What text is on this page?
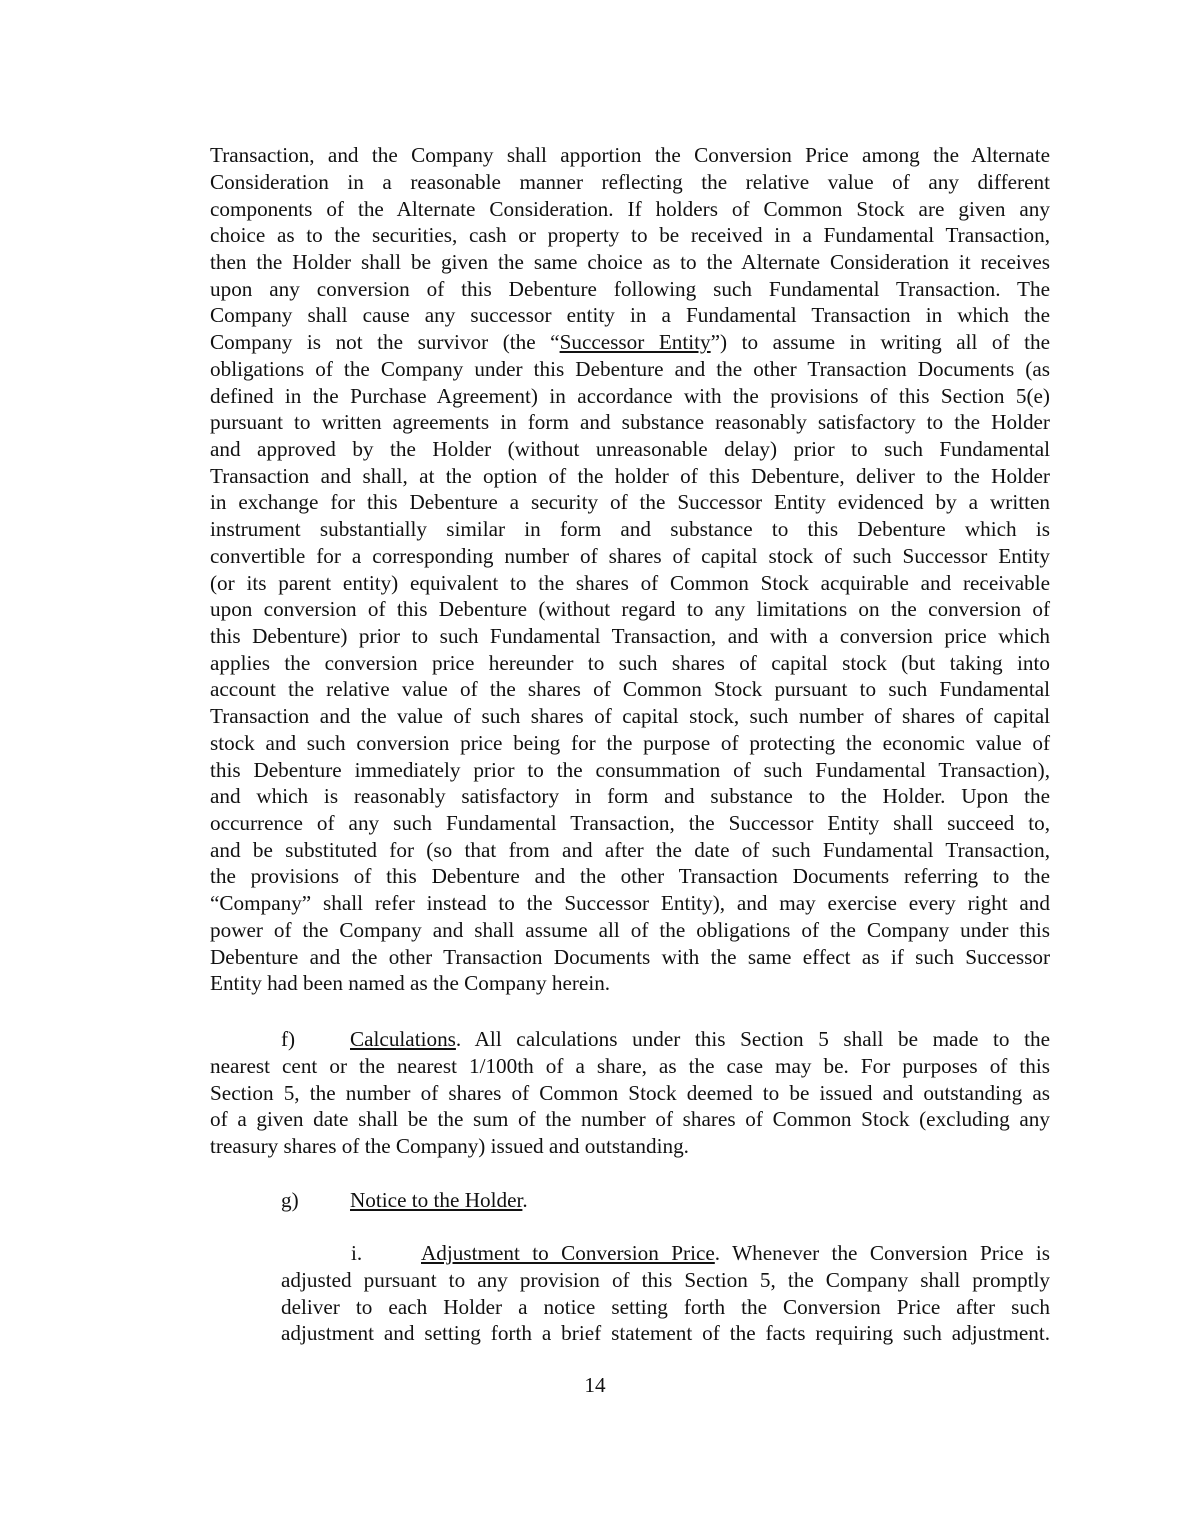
Transaction, and the Company shall apportion the Conversion Price among the Alternate
Consideration in a reasonable manner reflecting the relative value of any different
components of the Alternate Consideration. If holders of Common Stock are given any
choice as to the securities, cash or property to be received in a Fundamental Transaction,
then the Holder shall be given the same choice as to the Alternate Consideration it receives
upon any conversion of this Debenture following such Fundamental Transaction. The
Company shall cause any successor entity in a Fundamental Transaction in which the
Company is not the survivor (the “Successor Entity”) to assume in writing all of the
obligations of the Company under this Debenture and the other Transaction Documents (as
defined in the Purchase Agreement) in accordance with the provisions of this Section 5(e)
pursuant to written agreements in form and substance reasonably satisfactory to the Holder
and approved by the Holder (without unreasonable delay) prior to such Fundamental
Transaction and shall, at the option of the holder of this Debenture, deliver to the Holder
in exchange for this Debenture a security of the Successor Entity evidenced by a written
instrument substantially similar in form and substance to this Debenture which is
convertible for a corresponding number of shares of capital stock of such Successor Entity
(or its parent entity) equivalent to the shares of Common Stock acquirable and receivable
upon conversion of this Debenture (without regard to any limitations on the conversion of
this Debenture) prior to such Fundamental Transaction, and with a conversion price which
applies the conversion price hereunder to such shares of capital stock (but taking into
account the relative value of the shares of Common Stock pursuant to such Fundamental
Transaction and the value of such shares of capital stock, such number of shares of capital
stock and such conversion price being for the purpose of protecting the economic value of
this Debenture immediately prior to the consummation of such Fundamental Transaction),
and which is reasonably satisfactory in form and substance to the Holder. Upon the
occurrence of any such Fundamental Transaction, the Successor Entity shall succeed to,
and be substituted for (so that from and after the date of such Fundamental Transaction,
the provisions of this Debenture and the other Transaction Documents referring to the
“Company” shall refer instead to the Successor Entity), and may exercise every right and
power of the Company and shall assume all of the obligations of the Company under this
Debenture and the other Transaction Documents with the same effect as if such Successor
Entity had been named as the Company herein.
f)	Calculations. All calculations under this Section 5 shall be made to the
nearest cent or the nearest 1/100th of a share, as the case may be. For purposes of this
Section 5, the number of shares of Common Stock deemed to be issued and outstanding as
of a given date shall be the sum of the number of shares of Common Stock (excluding any
treasury shares of the Company) issued and outstanding.
g) Notice to the Holder.
i.	Adjustment to Conversion Price. Whenever the Conversion Price is
adjusted pursuant to any provision of this Section 5, the Company shall promptly
deliver to each Holder a notice setting forth the Conversion Price after such
adjustment and setting forth a brief statement of the facts requiring such adjustment.
14
